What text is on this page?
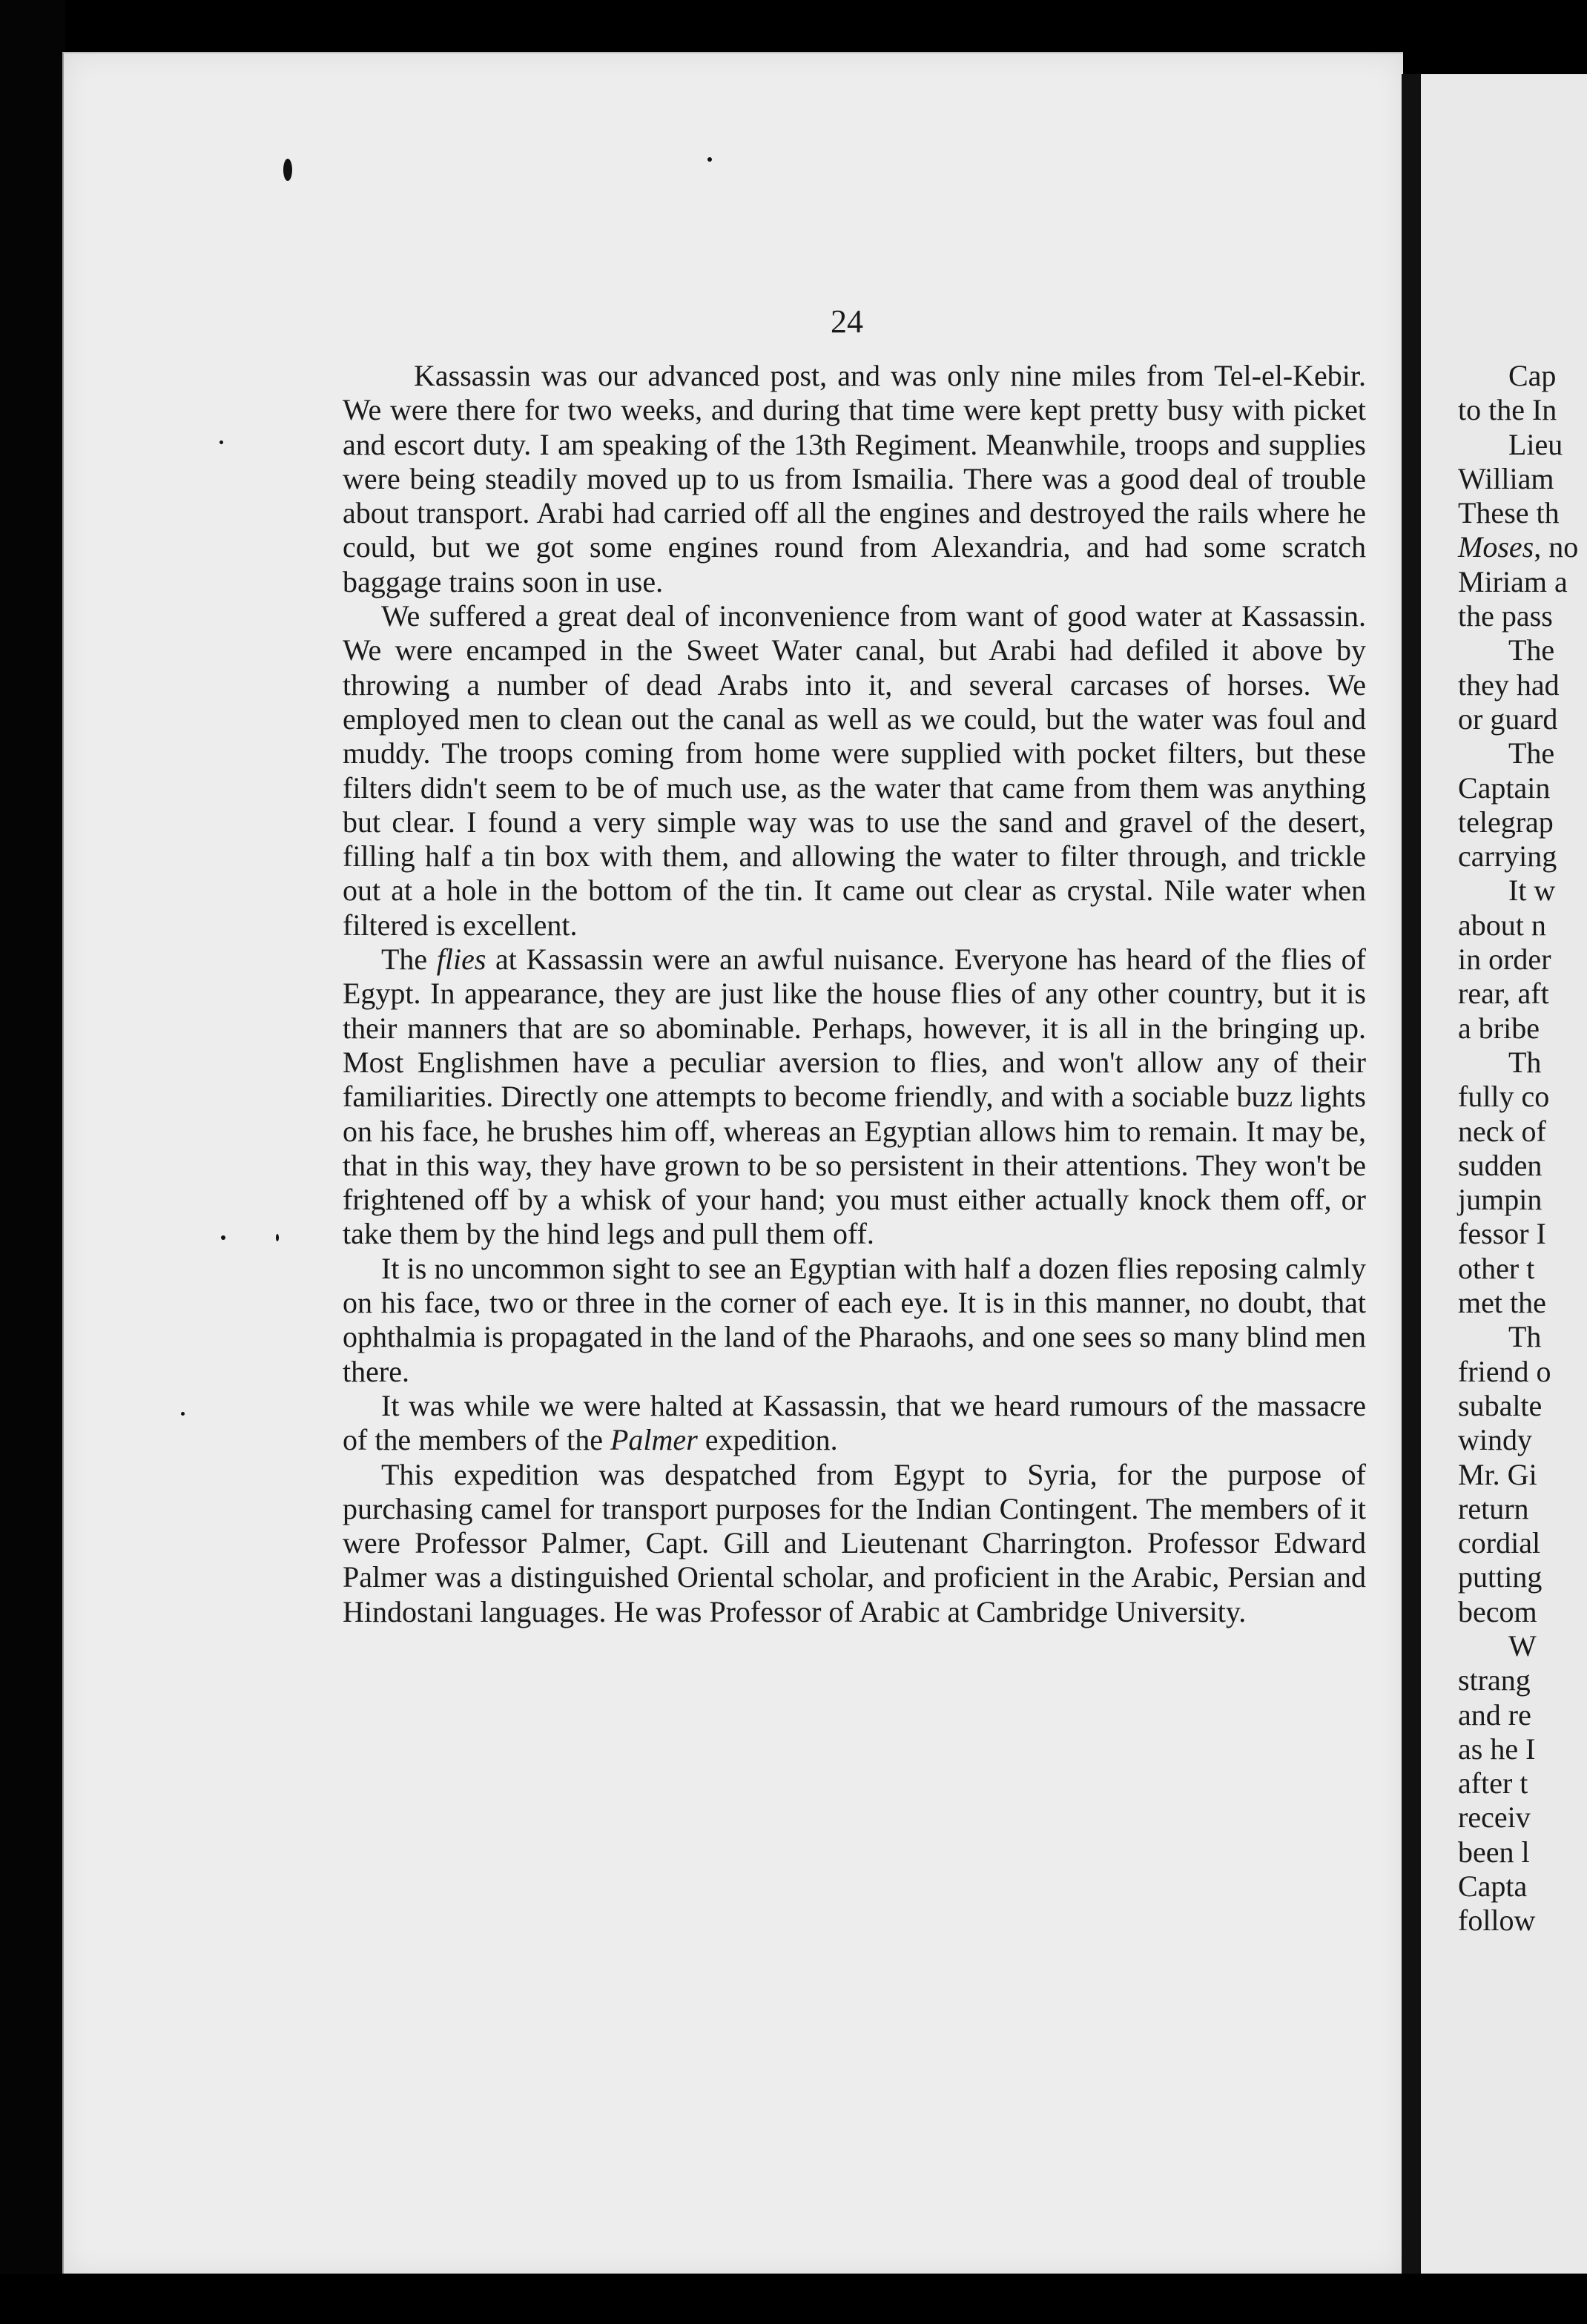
24

Kassassin was our advanced post, and was only nine miles from Tel-el-Kebir. We were there for two weeks, and during that time were kept pretty busy with picket and escort duty. I am speaking of the 13th Regiment. Meanwhile, troops and supplies were being steadily moved up to us from Ismailia. There was a good deal of trouble about transport. Arabi had carried off all the engines and destroyed the rails where he could, but we got some engines round from Alexandria, and had some scratch baggage trains soon in use.

We suffered a great deal of inconvenience from want of good water at Kassassin. We were encamped in the Sweet Water canal, but Arabi had defiled it above by throwing a number of dead Arabs into it, and several carcases of horses. We employed men to clean out the canal as well as we could, but the water was foul and muddy. The troops coming from home were supplied with pocket filters, but these filters didn't seem to be of much use, as the water that came from them was anything but clear. I found a very simple way was to use the sand and gravel of the desert, filling half a tin box with them, and allowing the water to filter through, and trickle out at a hole in the bottom of the tin. It came out clear as crystal. Nile water when filtered is excellent.

The flies at Kassassin were an awful nuisance. Everyone has heard of the flies of Egypt. In appearance, they are just like the house flies of any other country, but it is their manners that are so abominable. Perhaps, however, it is all in the bringing up. Most Englishmen have a peculiar aversion to flies, and won't allow any of their familiarities. Directly one attempts to become friendly, and with a sociable buzz lights on his face, he brushes him off, whereas an Egyptian allows him to remain. It may be, that in this way, they have grown to be so persistent in their attentions. They won't be frightened off by a whisk of your hand; you must either actually knock them off, or take them by the hind legs and pull them off.

It is no uncommon sight to see an Egyptian with half a dozen flies reposing calmly on his face, two or three in the corner of each eye. It is in this manner, no doubt, that ophthalmia is propagated in the land of the Pharaohs, and one sees so many blind men there.

It was while we were halted at Kassassin, that we heard rumours of the massacre of the members of the Palmer expedition.

This expedition was despatched from Egypt to Syria, for the purpose of purchasing camel for transport purposes for the Indian Contingent. The members of it were Professor Palmer, Capt. Gill and Lieutenant Charrington. Professor Edward Palmer was a distinguished Oriental scholar, and proficient in the Arabic, Persian and Hindostani languages. He was Professor of Arabic at Cambridge University.

Cap
to the In
Lieu
William
These th
Moses, no
Miriam a
the pass
The
they had
or guard
The
Captain
telegrap
carrying
It w
about n
in order
rear, aft
a bribe
Th
fully co
neck of
sudden
jumpin
fessor I
other t
met the
Th
friend o
subalte
windy
Mr. Gi
return
cordial
putting
becom
W
strang
and re
as he I
after t
receiv
been l
Capta
follow
